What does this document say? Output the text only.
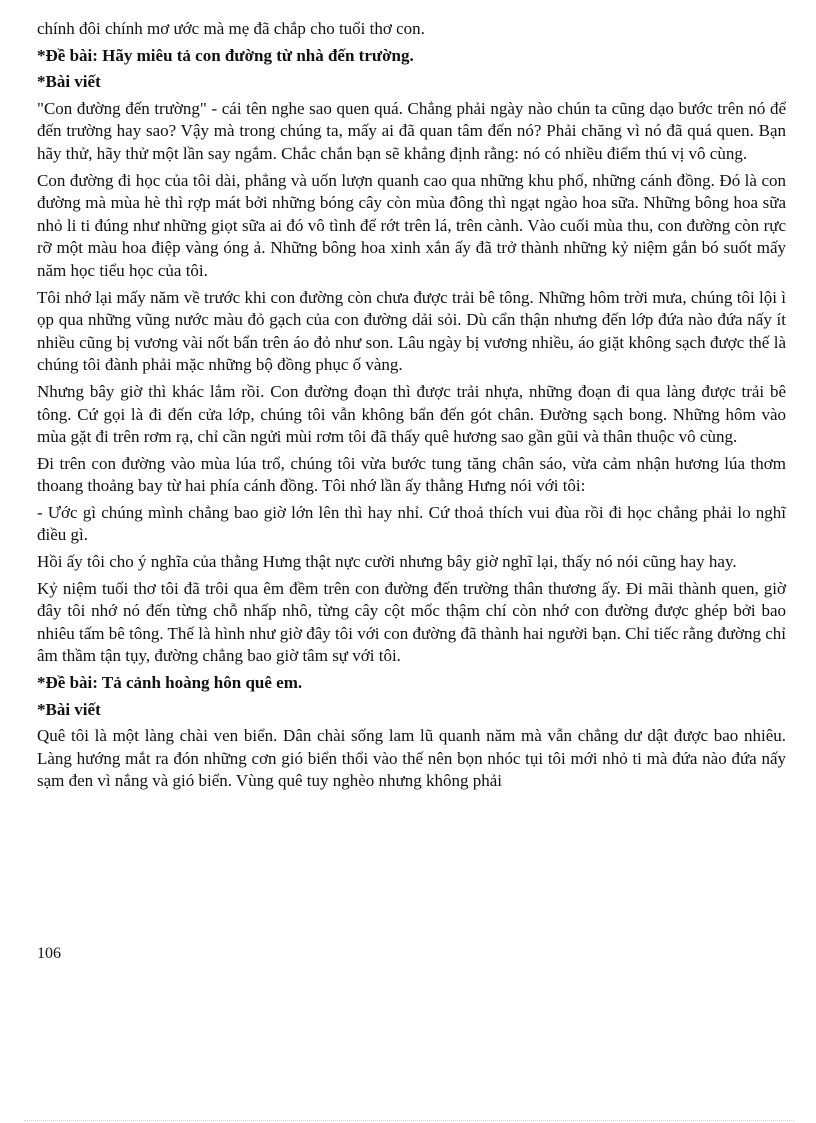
chính đôi chính mơ ước mà mẹ đã chắp cho tuổi thơ con.

*Đề bài: Hãy miêu tả con đường từ nhà đến trường.

*Bài viết

"Con đường đến trường" - cái tên nghe sao quen quá. Chẳng phải ngày nào chún ta cũng dạo bước trên nó để đến trường hay sao? Vậy mà trong chúng ta, mấy ai đã quan tâm đến nó? Phải chăng vì nó đã quá quen. Bạn hãy thử, hãy thử một lần say ngắm. Chắc chắn bạn sẽ khẳng định rằng: nó có nhiều điểm thú vị vô cùng.

Con đường đi học của tôi dài, phẳng và uốn lượn quanh cao qua những khu phố, những cánh đồng. Đó là con đường mà mùa hè thì rợp mát bởi những bóng cây còn mùa đông thì ngạt ngào hoa sữa. Những bông hoa sữa nhỏ li ti đúng như những giọt sữa ai đó vô tình để rớt trên lá, trên cành. Vào cuối mùa thu, con đường còn rực rỡ một màu hoa điệp vàng óng ả. Những bông hoa xinh xắn ấy đã trở thành những kỷ niệm gắn bó suốt mấy năm học tiểu học của tôi.

Tôi nhớ lại mấy năm về trước khi con đường còn chưa được trải bê tông. Những hôm trời mưa, chúng tôi lội ì ọp qua những vũng nước màu đỏ gạch của con đường dải sỏi. Dù cẩn thận nhưng đến lớp đứa nào đứa nấy ít nhiều cũng bị vương vài nốt bẩn trên áo đỏ như son. Lâu ngày bị vương nhiều, áo giặt không sạch được thế là chúng tôi đành phải mặc những bộ đồng phục ố vàng.

Nhưng bây giờ thì khác lắm rồi. Con đường đoạn thì được trải nhựa, những đoạn đi qua làng được trải bê tông. Cứ gọi là đi đến cửa lớp, chúng tôi vẫn không bẩn đến gót chân. Đường sạch bong. Những hôm vào mùa gặt đi trên rơm rạ, chỉ cần ngửi mùi rơm tôi đã thấy quê hương sao gần gũi và thân thuộc vô cùng.

Đi trên con đường vào mùa lúa trổ, chúng tôi vừa bước tung tăng chân sáo, vừa cảm nhận hương lúa thơm thoang thoảng bay từ hai phía cánh đồng. Tôi nhớ lần ấy thằng Hưng nói với tôi:

- Ước gì chúng mình chẳng bao giờ lớn lên thì hay nhỉ. Cứ thoả thích vui đùa rồi đi học chẳng phải lo nghĩ điều gì.

Hồi ấy tôi cho ý nghĩa của thằng Hưng thật nực cười nhưng bây giờ nghĩ lại, thấy nó nói cũng hay hay.

Kỷ niệm tuổi thơ tôi đã trôi qua êm đềm trên con đường đến trường thân thương ấy. Đi mãi thành quen, giờ đây tôi nhớ nó đến từng chỗ nhấp nhô, từng cây cột mốc thậm chí còn nhớ con đường được ghép bởi bao nhiêu tấm bê tông. Thế là hình như giờ đây tôi với con đường đã thành hai người bạn. Chỉ tiếc rằng đường chỉ âm thầm tận tụy, đường chẳng bao giờ tâm sự với tôi.

*Đề bài: Tả cảnh hoàng hôn quê em.

*Bài viết

Quê tôi là một làng chài ven biển. Dân chài sống lam lũ quanh năm mà vẫn chẳng dư dật được bao nhiêu. Làng hướng mắt ra đón những cơn gió biển thổi vào thế nên bọn nhóc tụi tôi mới nhỏ ti mà đứa nào đứa nấy sạm đen vì nắng và gió biển. Vùng quê tuy nghèo nhưng không phải

106
